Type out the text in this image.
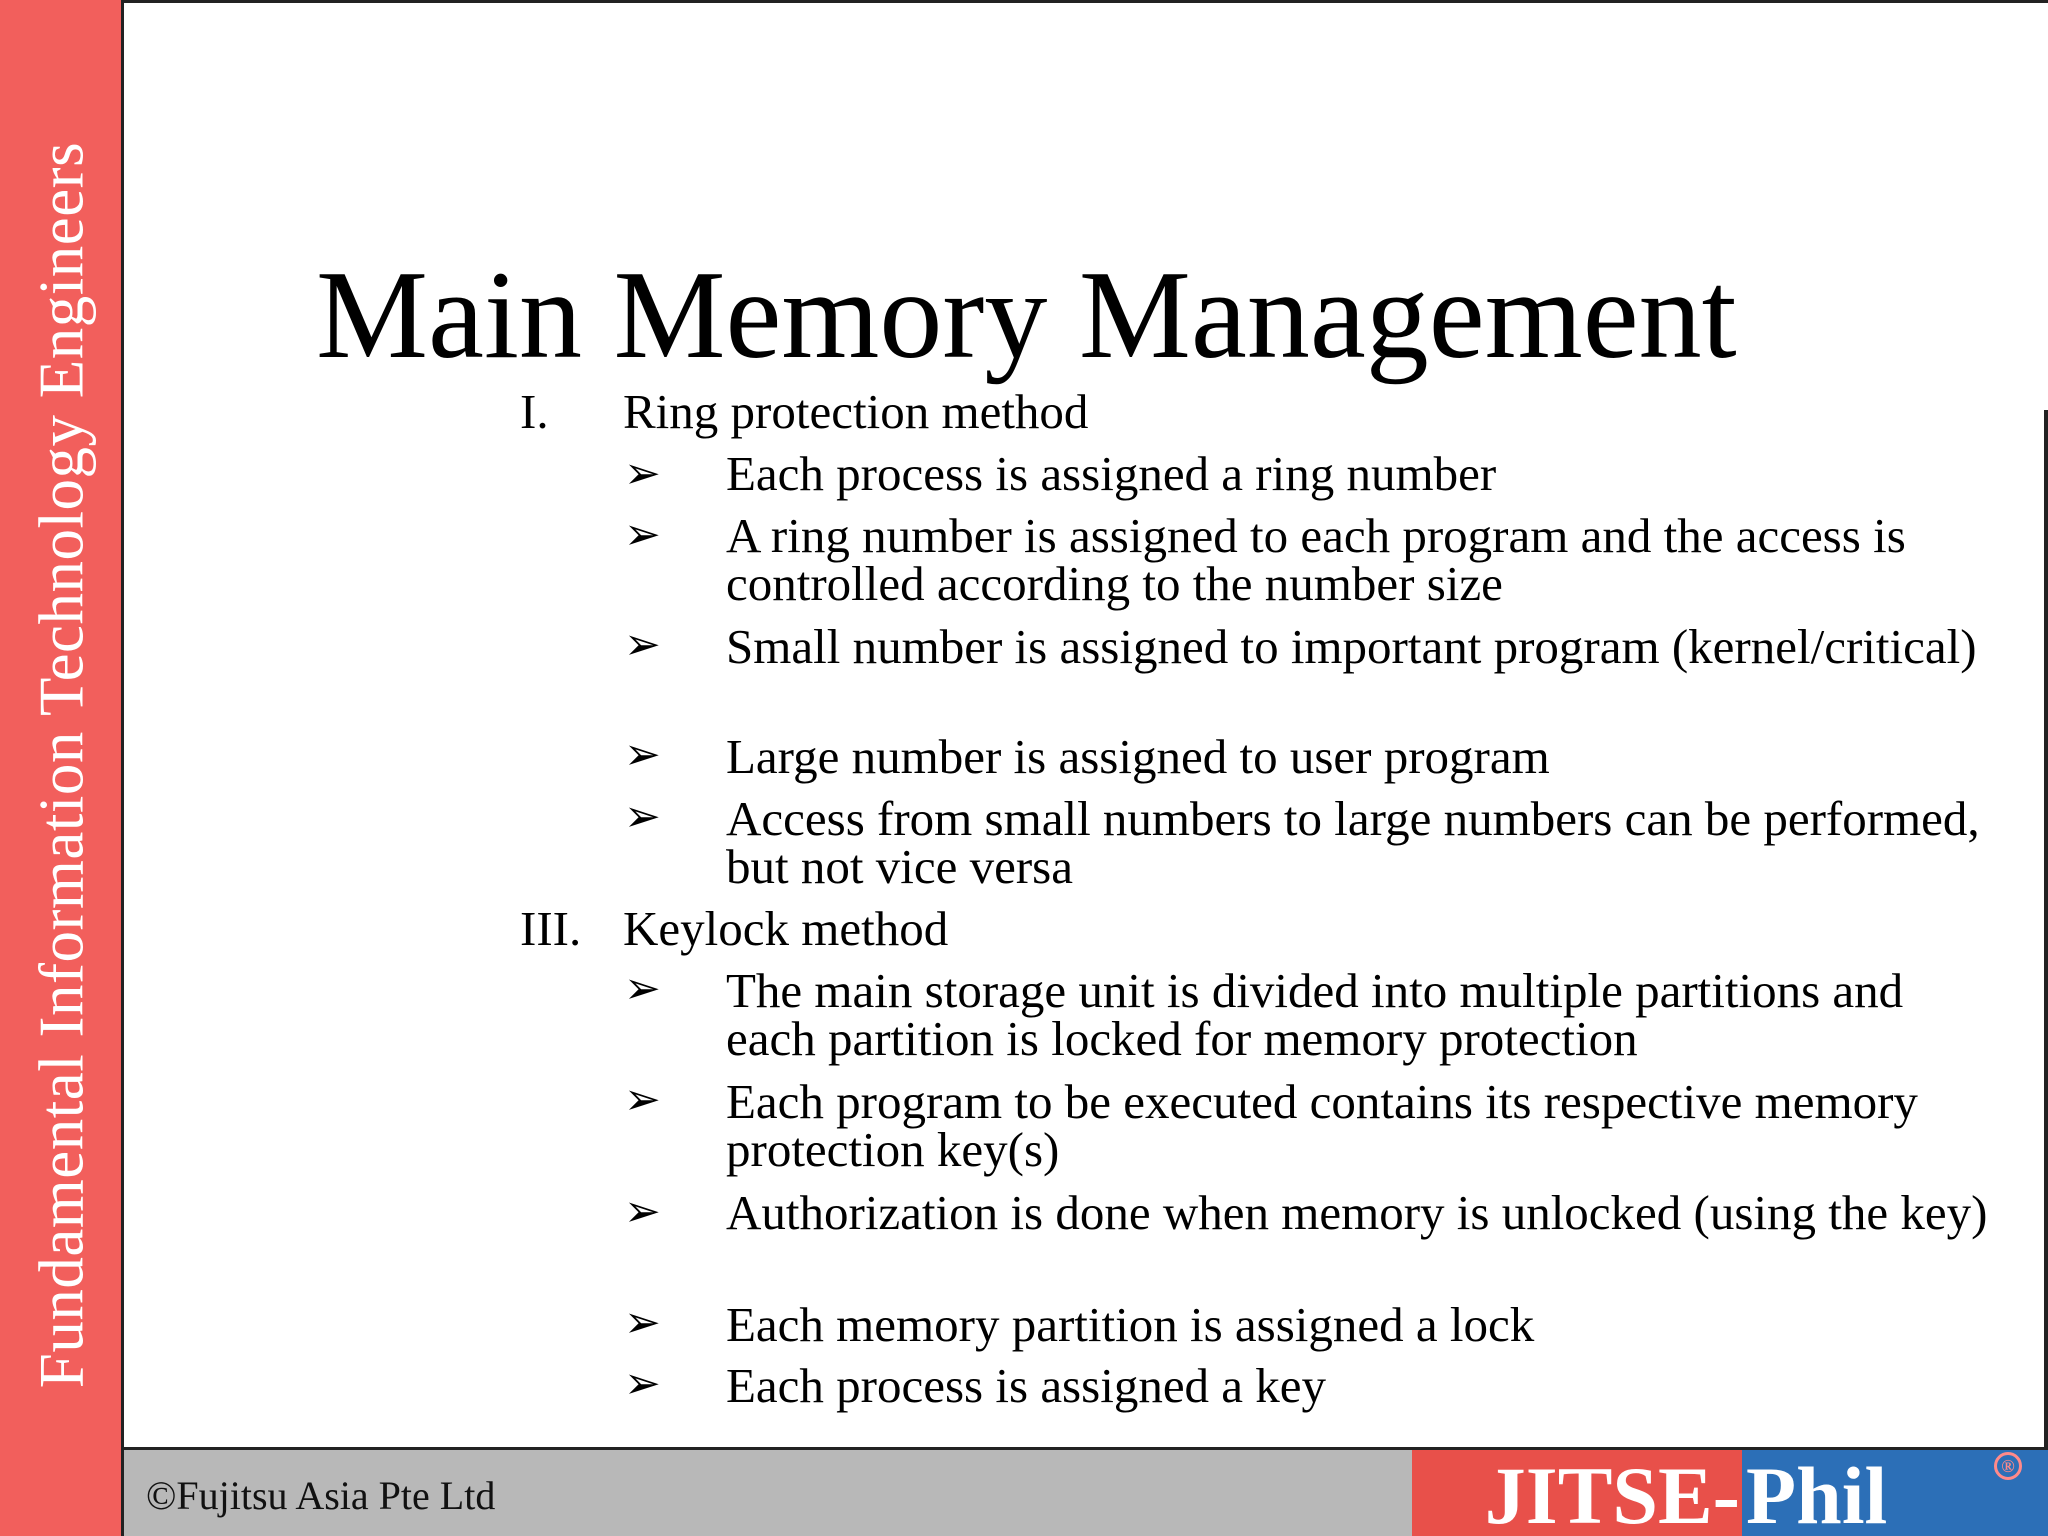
Fundamental Information Technology Engineers Main Memory Management
I. Ring protection method
➢ Each process is assigned a ring number
➢ A ring number is assigned to each program and the access is controlled according to the number size
➢ Small number is assigned to important program (kernel/critical)
➢ Large number is assigned to user program
➢ Access from small numbers to large numbers can be performed, but not vice versa
III. Keylock method
➢ The main storage unit is divided into multiple partitions and each partition is locked for memory protection
➢ Each program to be executed contains its respective memory protection key(s)
➢ Authorization is done when memory is unlocked (using the key)
➢ Each memory partition is assigned a lock
➢ Each process is assigned a key
©Fujitsu Asia Pte Ltd	JITSE- Phil	®
